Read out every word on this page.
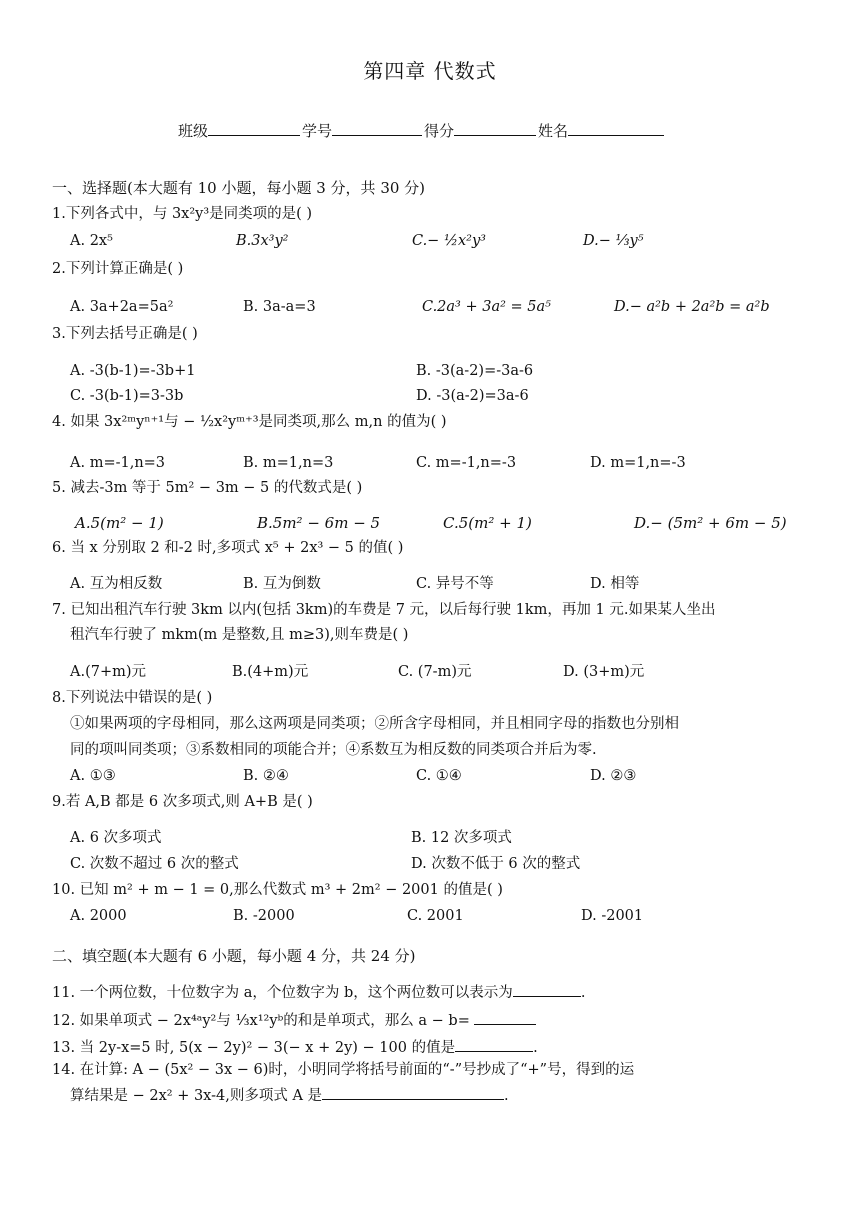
第四章 代数式
班级	学号	得分	姓名
一、选择题(本大题有 10 小题，每小题 3 分，共 30 分)
1.下列各式中，与 3x²y³是同类项的是( )
A. 2x⁵	B.3x³y²	C.− ½x²y³	D.− ⅓y⁵
2.下列计算正确是( )
A. 3a+2a=5a²	B. 3a-a=3	C.2a³ + 3a² = 5a⁵	D.− a²b + 2a²b = a²b
3.下列去括号正确是( )
A. -3(b-1)=-3b+1	B. -3(a-2)=-3a-6
C. -3(b-1)=3-3b	D. -3(a-2)=3a-6
4. 如果 3x²ᵐyⁿ⁺¹与 − ½x²yᵐ⁺³是同类项,那么 m,n 的值为( )
A. m=-1,n=3	B. m=1,n=3	C. m=-1,n=-3	D. m=1,n=-3
5. 减去-3m 等于 5m² − 3m − 5 的代数式是( )
A.5(m² − 1)	B.5m² − 6m − 5	C.5(m² + 1)	D.− (5m² + 6m − 5)
6. 当 x 分别取 2 和-2 时,多项式 x⁵ + 2x³ − 5 的值( )
A. 互为相反数	B. 互为倒数	C. 异号不等	D. 相等
7. 已知出租汽车行驶 3km 以内(包括 3km)的车费是 7 元，以后每行驶 1km，再加 1 元.如果某人坐出
租汽车行驶了 mkm(m 是整数,且 m≥3),则车费是( )
A.(7+m)元	B.(4+m)元	C. (7-m)元	D. (3+m)元
8.下列说法中错误的是( )
①如果两项的字母相同，那么这两项是同类项；②所含字母相同，并且相同字母的指数也分别相
同的项叫同类项；③系数相同的项能合并；④系数互为相反数的同类项合并后为零.
A. ①③	B. ②④	C. ①④	D. ②③
9.若 A,B 都是 6 次多项式,则 A+B 是( )
A. 6 次多项式	B. 12 次多项式
C. 次数不超过 6 次的整式	D. 次数不低于 6 次的整式
10. 已知 m² + m − 1 = 0,那么代数式 m³ + 2m² − 2001 的值是( )
A. 2000	B. -2000	C. 2001	D. -2001
二、填空题(本大题有 6 小题，每小题 4 分，共 24 分)
11. 一个两位数，十位数字为 a，个位数字为 b，这个两位数可以表示为	.
12. 如果单项式 − 2x⁴ᵃy²与 ⅓x¹²yᵇ的和是单项式，那么 a − b=
13. 当 2y-x=5 时, 5(x − 2y)² − 3(− x + 2y) − 100 的值是	.
14. 在计算: A − (5x² − 3x − 6)时，小明同学将括号前面的“-”号抄成了“+”号，得到的运
算结果是 − 2x² + 3x-4,则多项式 A 是	.
